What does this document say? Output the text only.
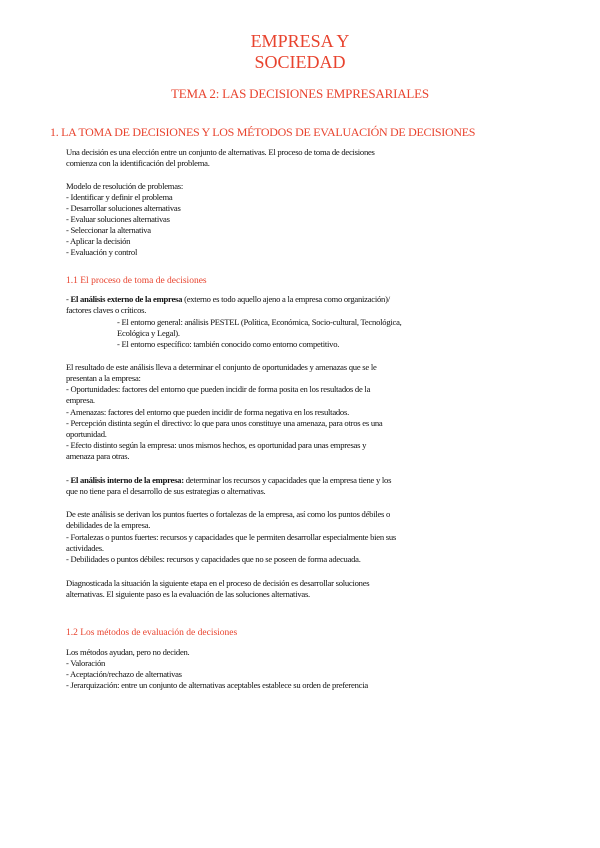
EMPRESA Y
SOCIEDAD
TEMA 2: LAS DECISIONES EMPRESARIALES
1. LA TOMA DE DECISIONES Y LOS MÉTODOS DE EVALUACIÓN DE DECISIONES
Una decisión es una elección entre un conjunto de alternativas. El proceso de toma de decisiones
comienza con la identificación del problema.
Modelo de resolución de problemas:
- Identificar y definir el problema
- Desarrollar soluciones alternativas
- Evaluar soluciones alternativas
- Seleccionar la alternativa
- Aplicar la decisión
- Evaluación y control
1.1 El proceso de toma de decisiones
- El análisis externo de la empresa (externo es todo aquello ajeno a la empresa como organización)/
factores claves o críticos.
- El entorno general: análisis PESTEL (Política, Económica, Socio-cultural, Tecnológica,
Ecológica y Legal).
- El entorno específico: también conocido como entorno competitivo.
El resultado de este análisis lleva a determinar el conjunto de oportunidades y amenazas que se le
presentan a la empresa:
- Oportunidades: factores del entorno que pueden incidir de forma posita en los resultados de la
empresa.
- Amenazas: factores del entorno que pueden incidir de forma negativa en los resultados.
- Percepción distinta según el directivo: lo que para unos constituye una amenaza, para otros es una
oportunidad.
- Efecto distinto según la empresa: unos mismos hechos, es oportunidad para unas empresas y
amenaza para otras.
- El análisis interno de la empresa: determinar los recursos y capacidades que la empresa tiene y los
que no tiene para el desarrollo de sus estrategias o alternativas.
De este análisis se derivan los puntos fuertes o fortalezas de la empresa, así como los puntos débiles o
debilidades de la empresa.
- Fortalezas o puntos fuertes: recursos y capacidades que le permiten desarrollar especialmente bien sus
actividades.
- Debilidades o puntos débiles: recursos y capacidades que no se poseen de forma adecuada.
Diagnosticada la situación la siguiente etapa en el proceso de decisión es desarrollar soluciones
alternativas. El siguiente paso es la evaluación de las soluciones alternativas.
1.2 Los métodos de evaluación de decisiones
Los métodos ayudan, pero no deciden.
- Valoración
- Aceptación/rechazo de alternativas
- Jerarquización: entre un conjunto de alternativas aceptables establece su orden de preferencia
